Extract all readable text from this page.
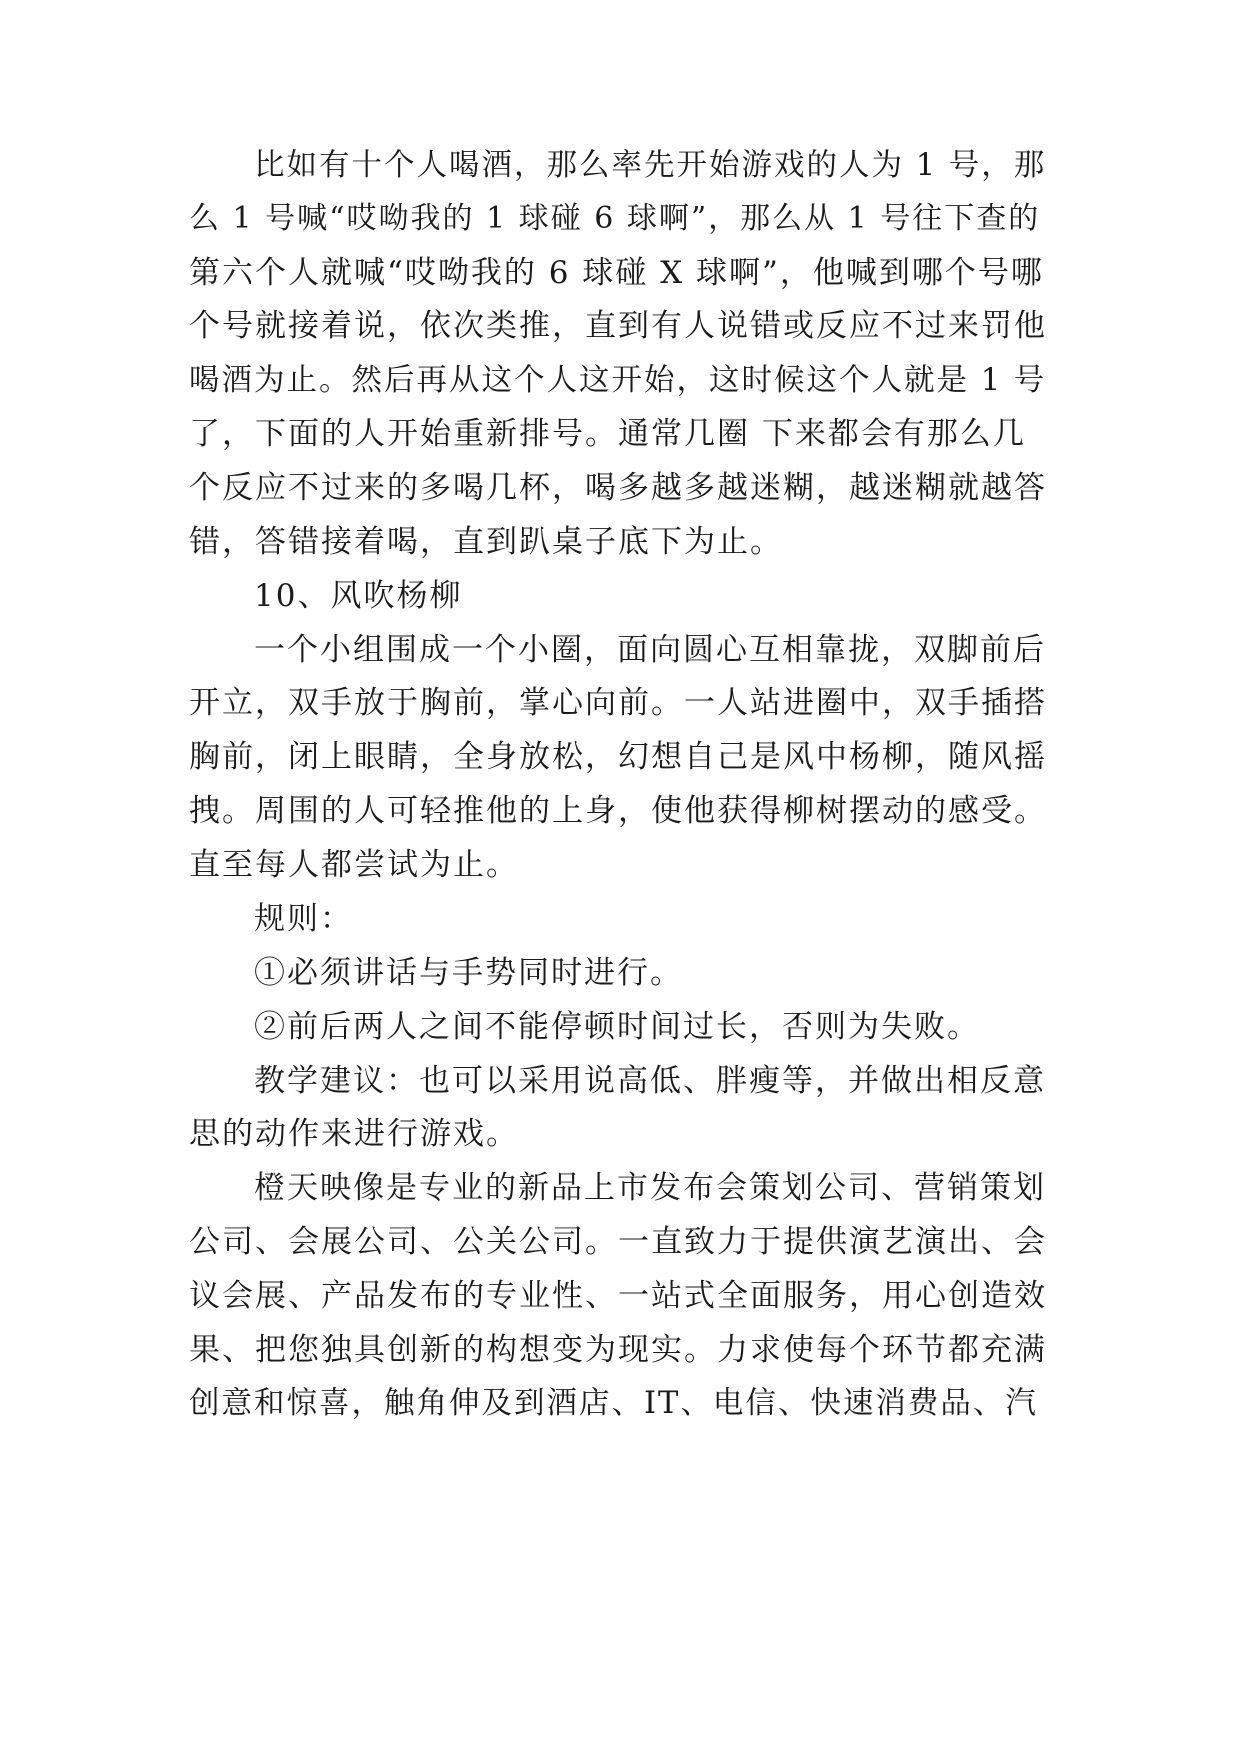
比如有十个人喝酒，那么率先开始游戏的人为 1 号，那
么 1 号喊“哎呦我的 1 球碰 6 球啊”，那么从 1 号往下查的
第六个人就喊“哎呦我的 6 球碰 X 球啊”，他喊到哪个号哪
个号就接着说，依次类推，直到有人说错或反应不过来罚他
喝酒为止。然后再从这个人这开始，这时候这个人就是 1 号
了，下面的人开始重新排号。通常几圈 下来都会有那么几
个反应不过来的多喝几杯，喝多越多越迷糊，越迷糊就越答
错，答错接着喝，直到趴桌子底下为止。
10、风吹杨柳
一个小组围成一个小圈，面向圆心互相靠拢，双脚前后
开立，双手放于胸前，掌心向前。一人站进圈中，双手插搭
胸前，闭上眼睛，全身放松，幻想自己是风中杨柳，随风摇
拽。周围的人可轻推他的上身，使他获得柳树摆动的感受。
直至每人都尝试为止。
规则：
①必须讲话与手势同时进行。
②前后两人之间不能停顿时间过长，否则为失败。
教学建议：也可以采用说高低、胖瘦等，并做出相反意
思的动作来进行游戏。
橙天映像是专业的新品上市发布会策划公司、营销策划
公司、会展公司、公关公司。一直致力于提供演艺演出、会
议会展、产品发布的专业性、一站式全面服务，用心创造效
果、把您独具创新的构想变为现实。力求使每个环节都充满
创意和惊喜，触角伸及到酒店、IT、电信、快速消费品、汽
